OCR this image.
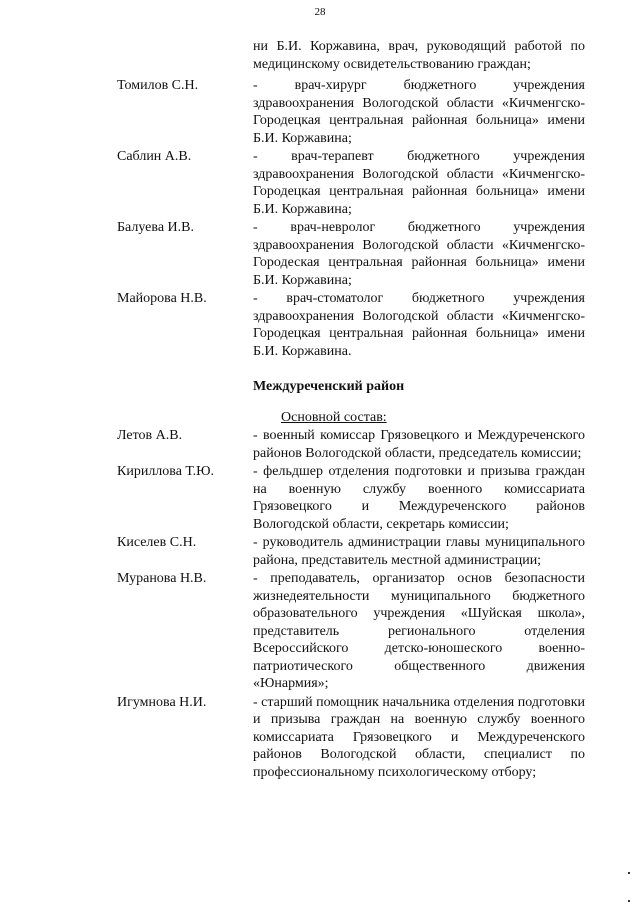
28
ни Б.И. Коржавина, врач, руководящий работой по медицинскому освидетельствованию граждан;
Томилов С.Н.	- врач-хирург бюджетного учреждения здравоохранения Вологодской области «Кичменгско-Городецкая центральная районная больница» имени Б.И. Коржавина;
Саблин А.В.	- врач-терапевт бюджетного учреждения здравоохранения Вологодской области «Кичменгско-Городецкая центральная районная больница» имени Б.И. Коржавина;
Балуева И.В.	- врач-невролог бюджетного учреждения здравоохранения Вологодской области «Кичменгско-Городеская центральная районная больница» имени Б.И. Коржавина;
Майорова Н.В.	- врач-стоматолог бюджетного учреждения здравоохранения Вологодской области «Кичменгско-Городецкая центральная районная больница» имени Б.И. Коржавина.
Междуреченский район
Основной состав:
Летов А.В.	- военный комиссар Грязовецкого и Междуреченского районов Вологодской области, председатель комиссии;
Кириллова Т.Ю.	- фельдшер отделения подготовки и призыва граждан на военную службу военного комиссариата Грязовецкого и Междуреченского районов Вологодской области, секретарь комиссии;
Киселев С.Н.	- руководитель администрации главы муниципального района, представитель местной администрации;
Муранова Н.В.	- преподаватель, организатор основ безопасности жизнедеятельности муниципального бюджетного образовательного учреждения «Шуйская школа», представитель регионального отделения Всероссийского детско-юношеского военно-патриотического общественного движения «Юнармия»;
Игумнова Н.И.	- старший помощник начальника отделения подготовки и призыва граждан на военную службу военного комиссариата Грязовецкого и Междуреченского районов Вологодской области, специалист по профессиональному психологическому отбору;
